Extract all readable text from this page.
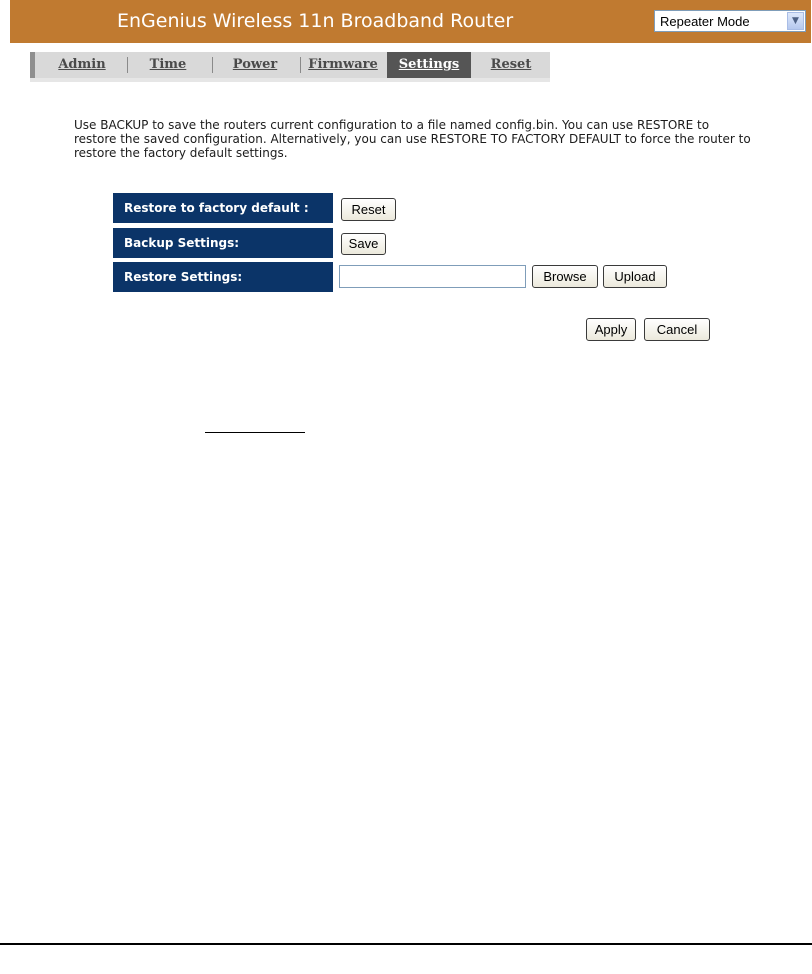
EnGenius Wireless 11n Broadband Router	Repeater Mode	▼
Admin	Time	Power	Firmware	Settings	Reset
Use BACKUP to save the routers current configuration to a file named config.bin. You can use RESTORE to restore the saved configuration. Alternatively, you can use RESTORE TO FACTORY DEFAULT to force the router to restore the factory default settings.
Restore to factory default :	Reset
Backup Settings:	Save
Restore Settings:	Browse	Upload
Apply	Cancel
